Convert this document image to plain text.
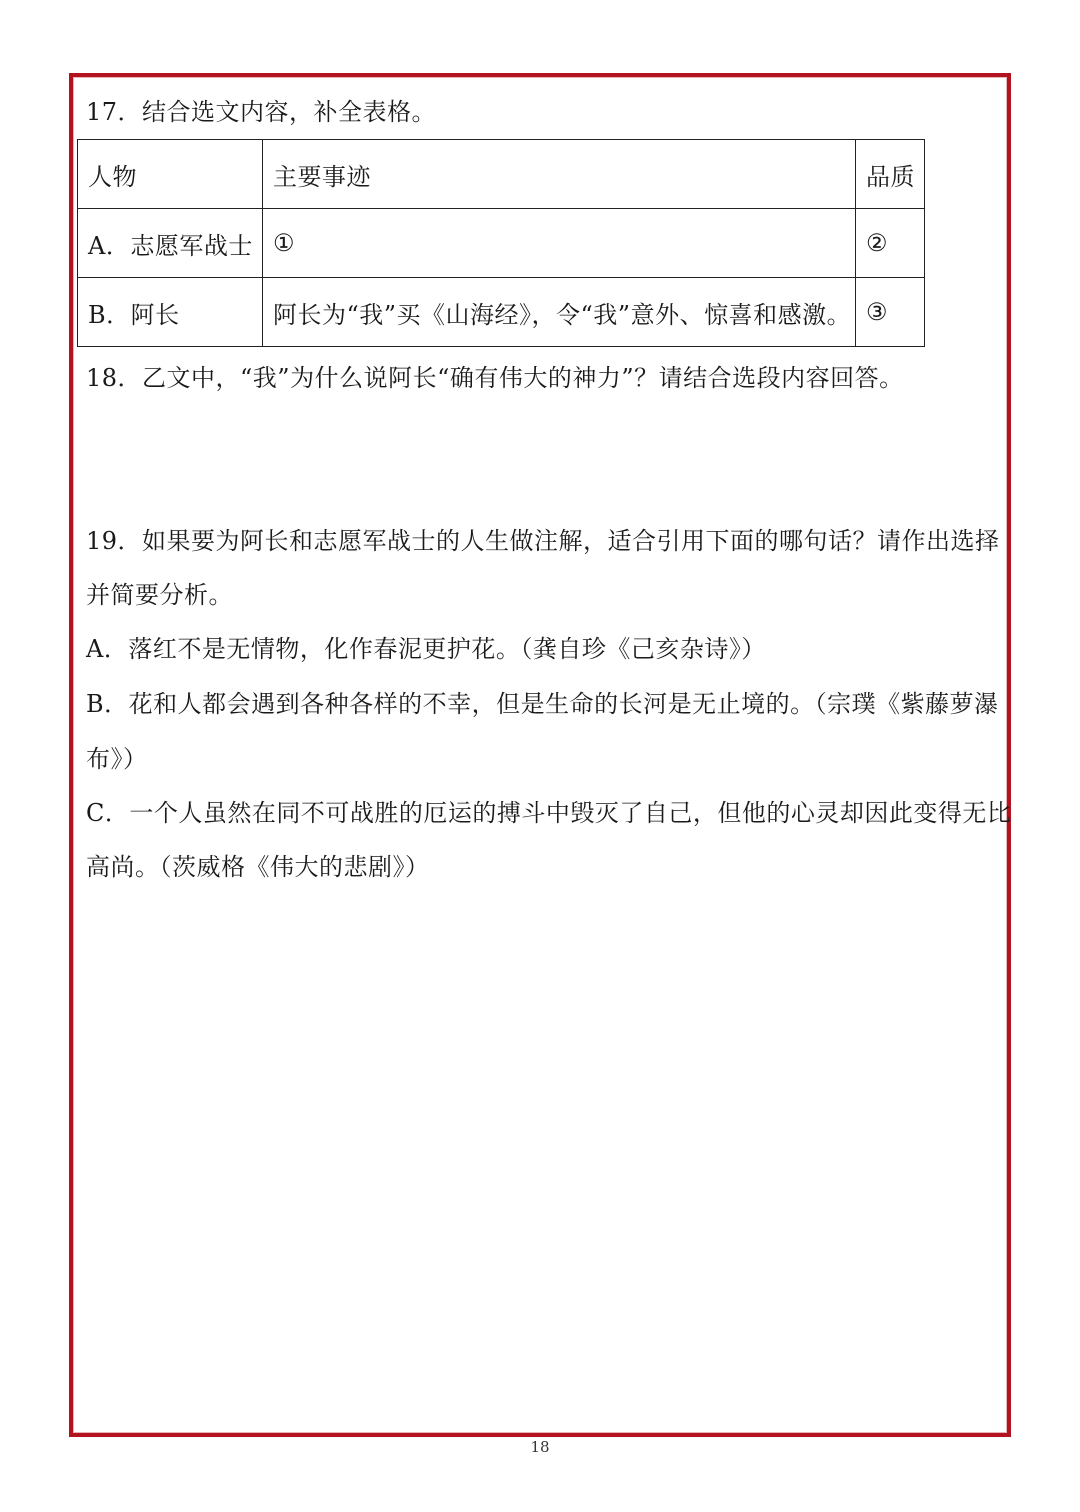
17．结合选文内容，补全表格。
人物	主要事迹	品质
A．志愿军战士	①	②
B．阿长	阿长为“我”买《山海经》，令“我”意外、惊喜和感激。	③
18．乙文中，“我”为什么说阿长“确有伟大的神力”？请结合选段内容回答。
19．如果要为阿长和志愿军战士的人生做注解，适合引用下面的哪句话？请作出选择
并简要分析。
A．落红不是无情物，化作春泥更护花。（龚自珍《己亥杂诗》）
B．花和人都会遇到各种各样的不幸，但是生命的长河是无止境的。（宗璞《紫藤萝瀑
布》）
C．一个人虽然在同不可战胜的厄运的搏斗中毁灭了自己，但他的心灵却因此变得无比
高尚。（茨威格《伟大的悲剧》）
18
